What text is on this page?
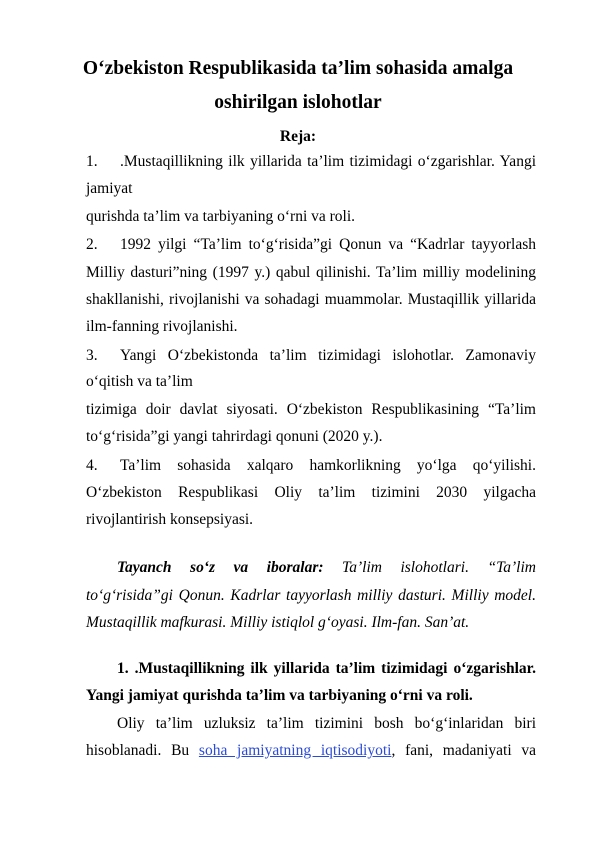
O‘zbekiston Respublikasida ta’lim sohasida amalga
oshirilgan islohotlar
Reja:
1. .Mustaqillikning ilk yillarida ta’lim tizimidagi o‘zgarishlar. Yangi
jamiyat
qurishda ta’lim va tarbiyaning o‘rni va roli.
2. 1992 yilgi “Ta’lim to‘g‘risida”gi Qonun va “Kadrlar tayyorlash
Milliy dasturi”ning (1997 y.) qabul qilinishi. Ta’lim milliy modelining
shakllanishi, rivojlanishi va sohadagi muammolar. Mustaqillik yillarida
ilm-fanning rivojlanishi.
3. Yangi O‘zbekistonda ta’lim tizimidagi islohotlar. Zamonaviy
o‘qitish va ta’lim
tizimiga doir davlat siyosati. O‘zbekiston Respublikasining “Ta’lim
to‘g‘risida”gi yangi tahrirdagi qonuni (2020 y.).
4. Ta’lim sohasida xalqaro hamkorlikning yo‘lga qo‘yilishi.
O‘zbekiston Respublikasi Oliy ta’lim tizimini 2030 yilgacha
rivojlantirish konsepsiyasi.
Tayanch so‘z va iboralar: Ta’lim islohotlari. “Ta’lim
to‘g‘risida”gi Qonun. Kadrlar tayyorlash milliy dasturi. Milliy model.
Mustaqillik mafkurasi. Milliy istiqlol g‘oyasi. Ilm-fan. San’at.
1. .Mustaqillikning ilk yillarida ta’lim tizimidagi o‘zgarishlar.
Yangi jamiyat qurishda ta’lim va tarbiyaning o‘rni va roli.
Oliy ta’lim uzluksiz ta’lim tizimini bosh bo‘g‘inlaridan biri
hisoblanadi. Bu soha jamiyatning iqtisodiyoti, fani, madaniyati va
